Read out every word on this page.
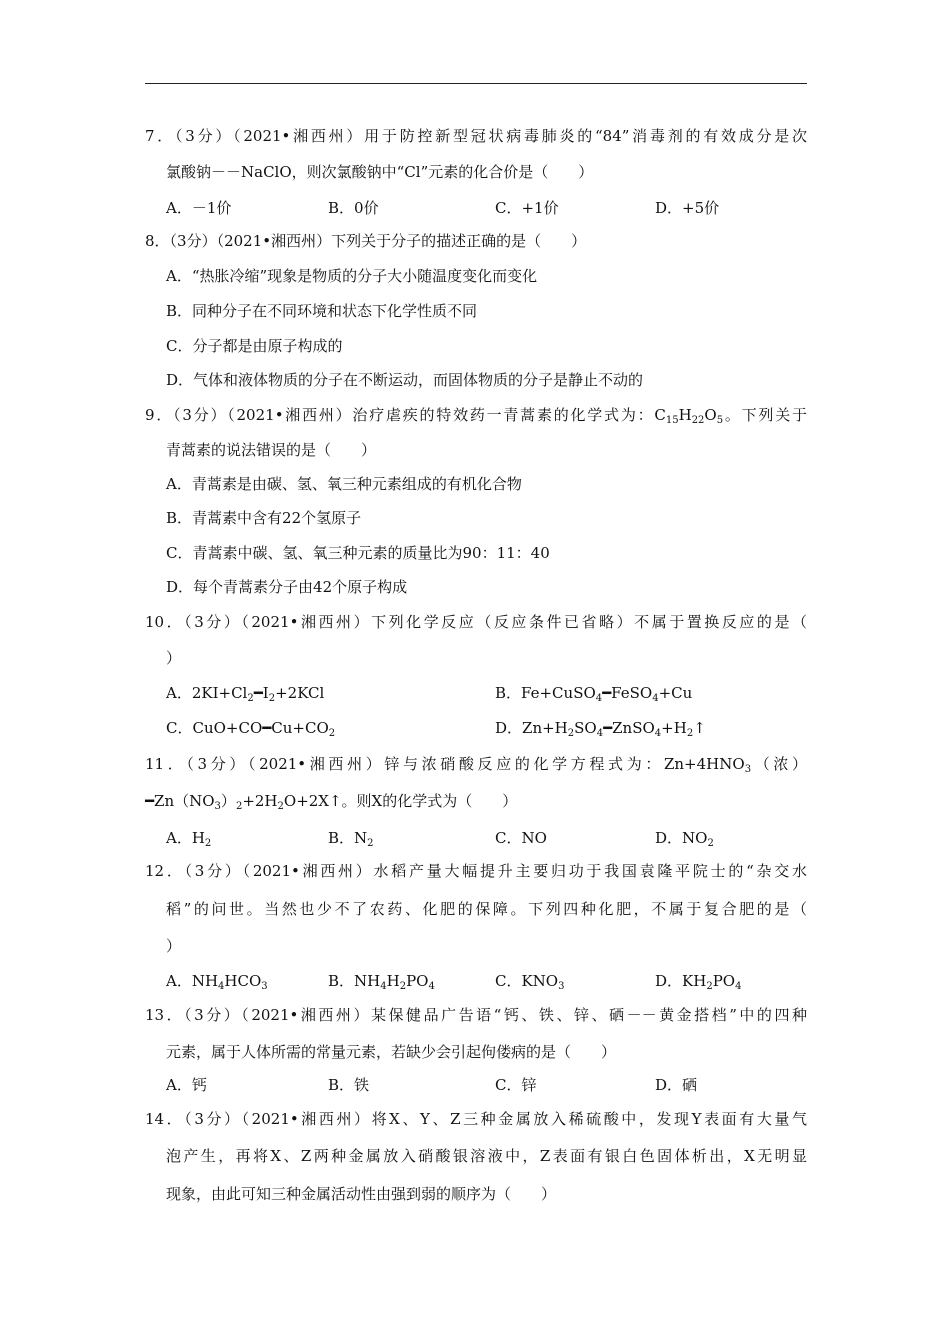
7．（3分）（2021•湘西州）用于防控新型冠状病毒肺炎的“84”消毒剂的有效成分是次
氯酸钠－－NaClO，则次氯酸钠中“Cl”元素的化合价是（　　）
A．－1价	B．0价	C．+1价	D．+5价
8．（3分）（2021•湘西州）下列关于分子的描述正确的是（　　）
A．“热胀冷缩”现象是物质的分子大小随温度变化而变化
B．同种分子在不同环境和状态下化学性质不同
C．分子都是由原子构成的
D．气体和液体物质的分子在不断运动，而固体物质的分子是静止不动的
9．（3分）（2021•湘西州）治疗虐疾的特效药一青蒿素的化学式为：$C_{15}H_{22}O_5$。下列关于
青蒿素的说法错误的是（　　）
A．青蒿素是由碳、氢、氧三种元素组成的有机化合物
B．青蒿素中含有22个氢原子
C．青蒿素中碳、氢、氧三种元素的质量比为90：11：40
D．每个青蒿素分子由42个原子构成
10．（3分）（2021•湘西州）下列化学反应（反应条件已省略）不属于置换反应的是（
）
A．$2KI+Cl_2━I_2+2KCl$	B．Fe+CuSO$_4$━FeSO$_4$+Cu
C．$CuO+CO━Cu+CO_2$	D．$Zn+H_2SO_4━ZnSO_4+H_2↑$
11．（3分）（2021•湘西州）锌与浓硝酸反应的化学方程式为：$Zn+4HNO_3$（浓）
$━Zn(NO_3)_2+2H_2O+2X↑$。则X的化学式为（　　）
A．$H_2$	B．$N_2$	C．NO	D．$NO_2$
12．（3分）（2021•湘西州）水稻产量大幅提升主要归功于我国袁隆平院士的“杂交水
稻”的问世。当然也少不了农药、化肥的保障。下列四种化肥，不属于复合肥的是（
）
A．$NH_4HCO_3$	B．$NH_4H_2PO_4$	C．$KNO_3$	D．$KH_2PO_4$
13．（3分）（2021•湘西州）某保健品广告语“钙、铁、锌、硒－－黄金搭档”中的四种
元素，属于人体所需的常量元素，若缺少会引起佝偻病的是（　　）
A．钙	B．铁	C．锌	D．硒
14．（3分）（2021•湘西州）将X、Y、Z三种金属放入稀硫酸中，发现Y表面有大量气
泡产生，再将X、Z两种金属放入硝酸银溶液中，Z表面有银白色固体析出，X无明显
现象，由此可知三种金属活动性由强到弱的顺序为（　　）
